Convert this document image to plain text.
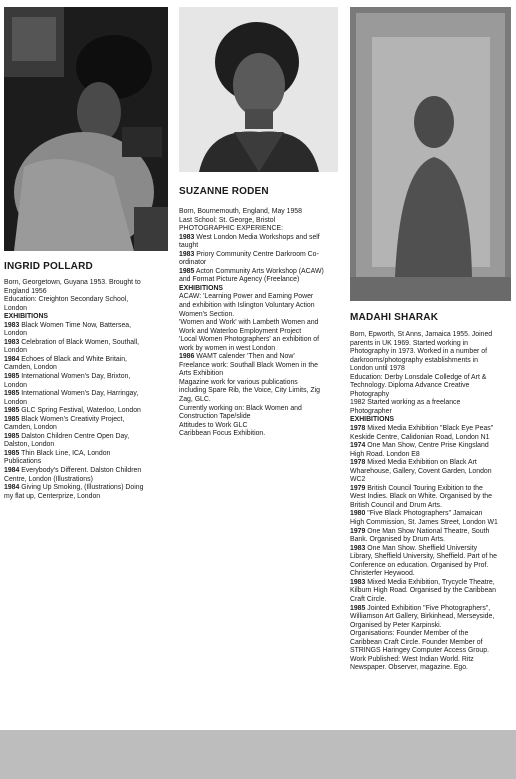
INGRID POLLARD
SUZANNE RODEN
MADAHI SHARAK
Born, Georgetown, Guyana 1953. Brought to
England 1956
Education: Creighton Secondary School,
London
EXHIBITIONS
1983 Black Women Time Now, Battersea,
London
1983 Celebration of Black Women, Southall,
London
1984 Echoes of Black and White Britain,
Camden, London
1985 International Women's Day, Brixton,
London
1985 International Women's Day, Harringay,
London
1985 GLC Spring Festival, Waterloo, London
1985 Black Women's Creativity Project,
Camden, London
1985 Dalston Children Centre Open Day,
Dalston, London
1985 Thin Black Line, ICA, London
Publications
1984 Everybody's Different. Dalston Children
Centre, London (Illustrations)
1984 Giving Up Smoking, (Illustrations) Doing
my flat up, Centerprize, London
Born, Bournemouth, England, May 1958
Last School: St. George, Bristol
PHOTOGRAPHIC EXPERIENCE:
1983 West London Media Workshops and self
taught
1983 Priory Community Centre Darkroom Co-
ordinator
1985 Acton Community Arts Workshop (ACAW)
and Format Picture Agency (Freelance)
EXHIBITIONS
ACAW: 'Learning Power and Earning Power
and exhibition with Islington Voluntary Action
Women's Section.
'Women and Work' with Lambeth Women and
Work and Waterloo Employment Project
'Local Women Photographers' an exhibition of
work by women in west London
1986 WAMT calender 'Then and Now'
Freelance work: Southall Black Women in the
Arts Exhibition
Magazine work for various publications
including Spare Rib, the Voice, City Limits, Zig
Zag, GLC.
Currently working on: Black Women and
Construction Tape/slide
Attitudes to Work GLC
Caribbean Focus Exhibition.
Born, Epworth, St Anns, Jamaica 1955. Joined
parents in UK 1969. Started working in
Photography in 1973. Worked in a number of
darkrooms/photography establishments in
London until 1978
Education: Derby Lonsdale Colledge of Art &
Technology. Diploma Advance Creative
Photography
1982 Started working as a freelance
Photographer
EXHIBITIONS
1978 Mixed Media Exhibition "Black Eye Peas"
Keskide Centre, Calidonian Road, London N1
1974 One Man Show, Centre Prise Kingsland
High Road. London E8
1978 Mixed Media Exhibition on Black Art
Wharehouse, Gallery, Covent Garden, London
WC2
1979 British Council Touring Exibition to the
West Indies. Black on White. Organised by the
British Council and Drum Arts.
1980 "Five Black Photographers" Jamaican
High Commission, St. James Street, London W1
1979 One Man Show National Theatre, South
Bank. Organised by Drum Arts.
1983 One Man Show. Sheffield University
Library, Sheffield University, Sheffield. Part of he
Conference on education. Organised by Prof.
Christerfer Heywood.
1983 Mixed Media Exhibition, Trycycle Theatre,
Kilburn High Road. Organised by the Caribbean
Craft Circle.
1985 Jointed Exhibition "Five Photographers",
Williamson Art Gallery, Birkinhead, Merseyside,
Organised by Peter Karpinski.
Organisations: Founder Member of the
Caribbean Craft Circle. Founder Member of
STRINGS Haringey Computer Access Group.
Work Published: West Indian World. Ritz
Newspaper. Observer, magazine. Ego.
